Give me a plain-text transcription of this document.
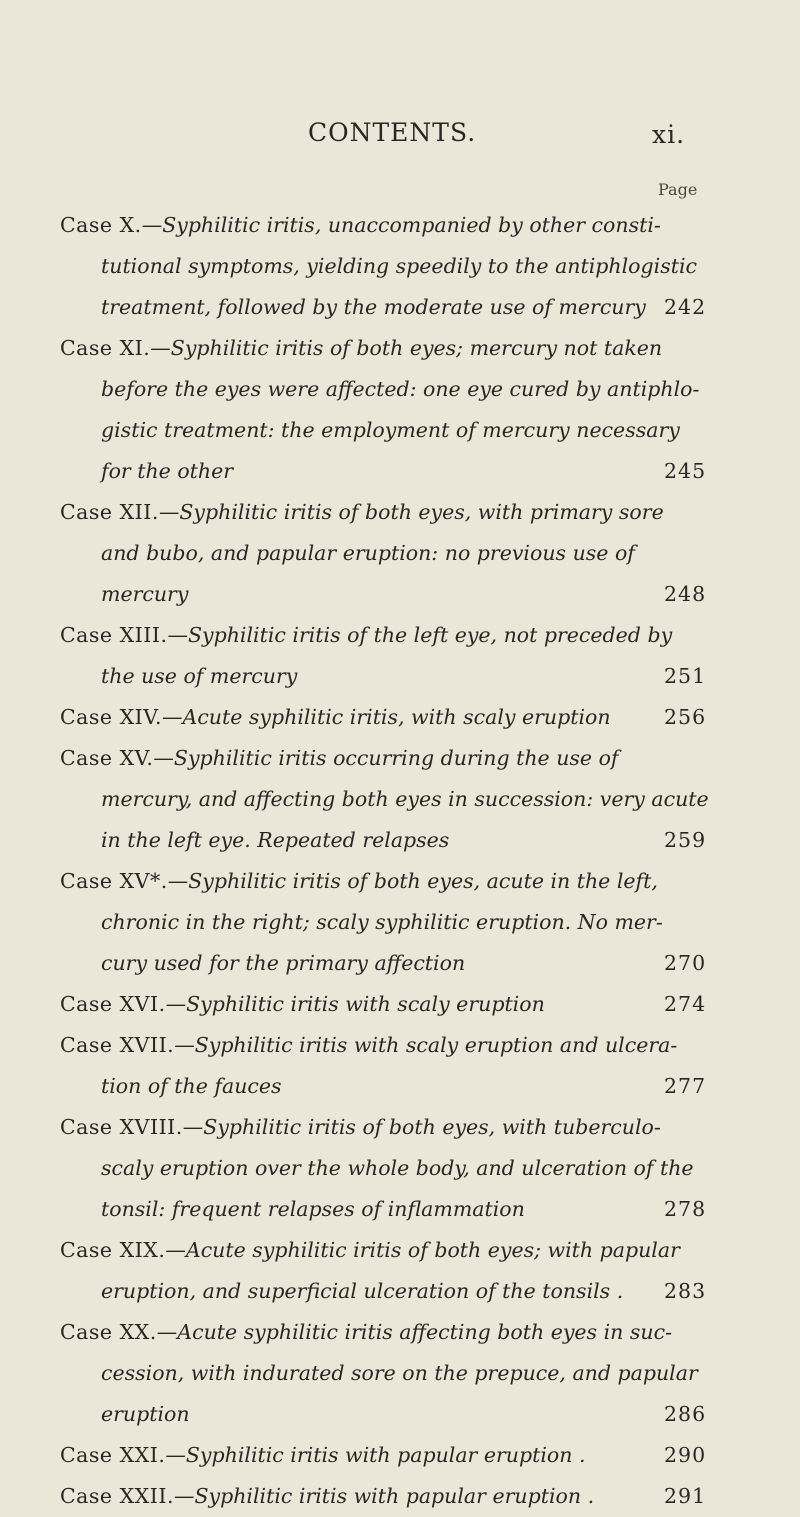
CONTENTS.	xi.
Page
Case X.—Syphilitic iritis, unaccompanied by other consti-
tutional symptoms, yielding speedily to the antiphlogistic
treatment, followed by the moderate use of mercury 242
Case XI.—Syphilitic iritis of both eyes; mercury not taken
before the eyes were affected: one eye cured by antiphlo-
gistic treatment: the employment of mercury necessary
for the other	245
Case XII.—Syphilitic iritis of both eyes, with primary sore
and bubo, and papular eruption: no previous use of
mercury	248
Case XIII.—Syphilitic iritis of the left eye, not preceded by
the use of mercury	251
Case XIV.—Acute syphilitic iritis, with scaly eruption	256
Case XV.—Syphilitic iritis occurring during the use of
mercury, and affecting both eyes in succession: very acute
in the left eye. Repeated relapses	259
Case XV*.—Syphilitic iritis of both eyes, acute in the left,
chronic in the right; scaly syphilitic eruption. No mer-
cury used for the primary affection	270
Case XVI.—Syphilitic iritis with scaly eruption	274
Case XVII.—Syphilitic iritis with scaly eruption and ulcera-
tion of the fauces	277
Case XVIII.—Syphilitic iritis of both eyes, with tuberculo-
scaly eruption over the whole body, and ulceration of the
tonsil: frequent relapses of inflammation	278
Case XIX.—Acute syphilitic iritis of both eyes; with papular
eruption, and superficial ulceration of the tonsils . 283
Case XX.—Acute syphilitic iritis affecting both eyes in suc-
cession, with indurated sore on the prepuce, and papular
eruption	286
Case XXI.—Syphilitic iritis with papular eruption .	290
Case XXII.—Syphilitic iritis with papular eruption .	291
